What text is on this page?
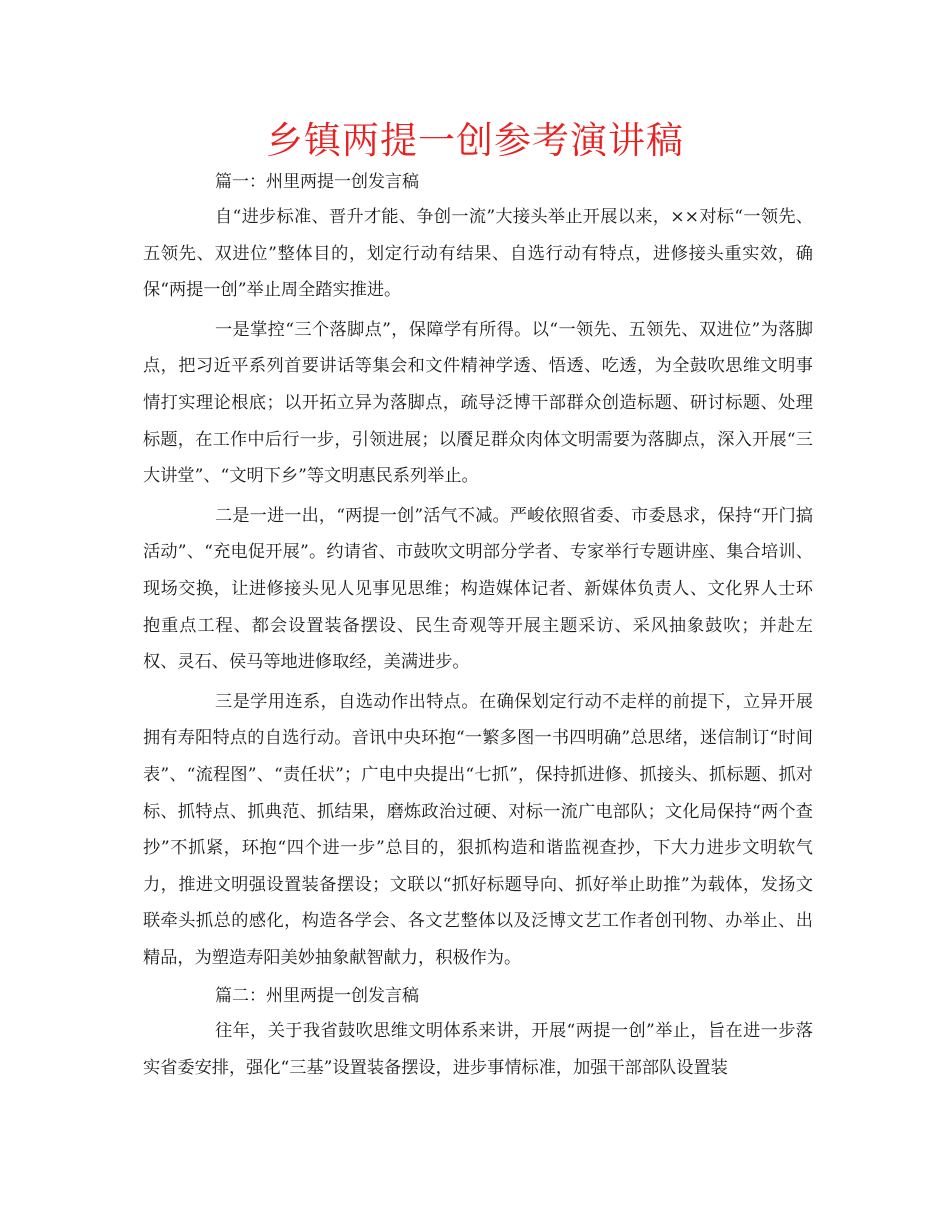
乡镇两提一创参考演讲稿
篇一：州里两提一创发言稿

自“进步标准、晋升才能、争创一流”大接头举止开展以来，××对标“一领先、五领先、双进位”整体目的，划定行动有结果、自选行动有特点，进修接头重实效，确保“两提一创”举止周全踏实推进。

一是掌控“三个落脚点”，保障学有所得。以“一领先、五领先、双进位”为落脚点，把习近平系列首要讲话等集会和文件精神学透、悟透、吃透，为全鼓吹思维文明事情打实理论根底；以开拓立异为落脚点，疏导泛博干部群众创造标题、研讨标题、处理标题，在工作中后行一步，引领进展；以餍足群众肉体文明需要为落脚点，深入开展“三大讲堂”、“文明下乡”等文明惠民系列举止。

二是一进一出，“两提一创”活气不减。严峻依照省委、市委恳求，保持“开门搞活动”、“充电促开展”。约请省、市鼓吹文明部分学者、专家举行专题讲座、集合培训、现场交换，让进修接头见人见事见思维；构造媒体记者、新媒体负责人、文化界人士环抱重点工程、都会设置装备摆设、民生奇观等开展主题采访、采风抽象鼓吹；并赴左权、灵石、侯马等地进修取经，美满进步。

三是学用连系，自选动作出特点。在确保划定行动不走样的前提下，立异开展拥有寿阳特点的自选行动。音讯中央环抱“一繁多图一书四明确”总思绪，迷信制订“时间表”、“流程图”、“责任状”；广电中央提出“七抓”，保持抓进修、抓接头、抓标题、抓对标、抓特点、抓典范、抓结果，磨炼政治过硬、对标一流广电部队；文化局保持“两个查抄”不抓紧，环抱“四个进一步”总目的，狠抓构造和谐监视查抄，下大力进步文明软气力，推进文明强设置装备摆设；文联以“抓好标题导向、抓好举止助推”为载体，发扬文联牵头抓总的感化，构造各学会、各文艺整体以及泛博文艺工作者创刊物、办举止、出精品，为塑造寿阳美妙抽象献智献力，积极作为。

篇二：州里两提一创发言稿

往年，关于我省鼓吹思维文明体系来讲，开展“两提一创”举止，旨在进一步落实省委安排，强化“三基”设置装备摆设，进步事情标准，加强干部部队设置装
